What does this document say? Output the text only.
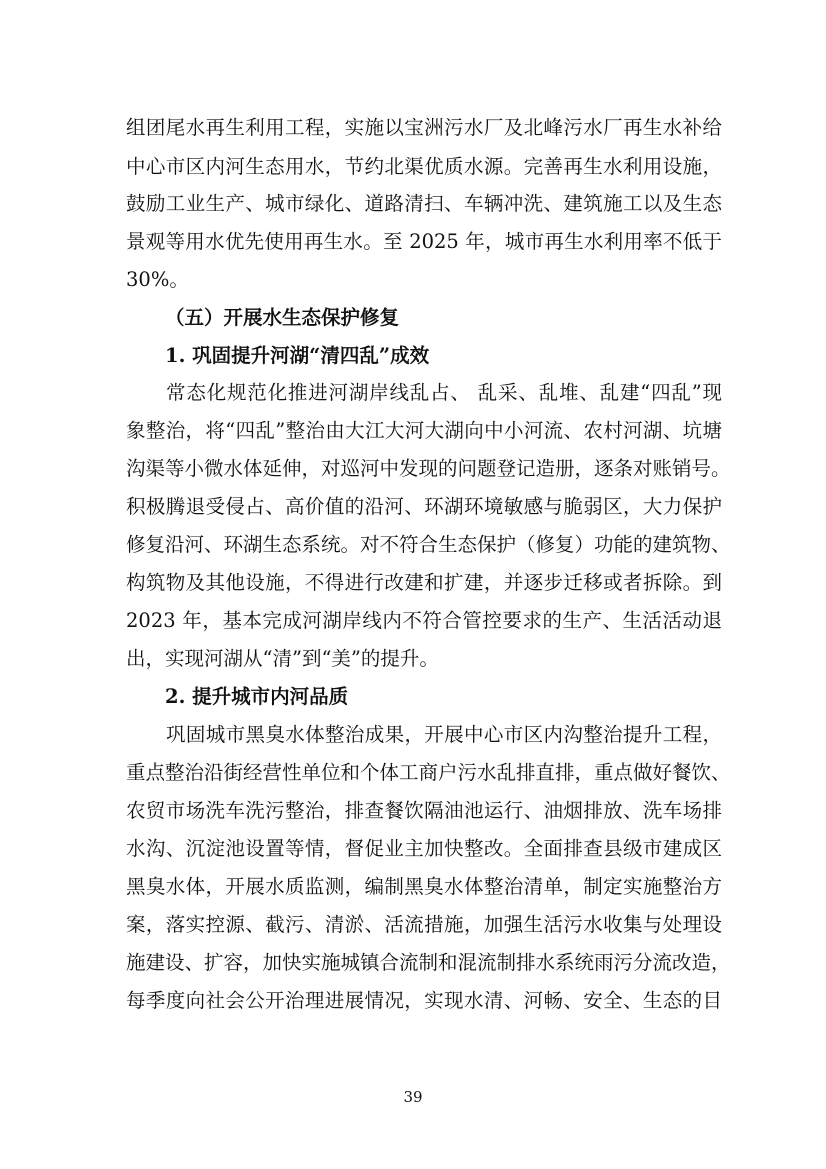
组团尾水再生利用工程，实施以宝洲污水厂及北峰污水厂再生水补给
中心市区内河生态用水，节约北渠优质水源。完善再生水利用设施，
鼓励工业生产、城市绿化、道路清扫、车辆冲洗、建筑施工以及生态
景观等用水优先使用再生水。至 2025 年，城市再生水利用率不低于
30%。
（五）开展水生态保护修复
1. 巩固提升河湖“清四乱”成效
常态化规范化推进河湖岸线乱占、 乱采、乱堆、乱建“四乱”现
象整治，将“四乱”整治由大江大河大湖向中小河流、农村河湖、坑塘
沟渠等小微水体延伸，对巡河中发现的问题登记造册，逐条对账销号。
积极腾退受侵占、高价值的沿河、环湖环境敏感与脆弱区，大力保护
修复沿河、环湖生态系统。对不符合生态保护（修复）功能的建筑物、
构筑物及其他设施，不得进行改建和扩建，并逐步迁移或者拆除。到
2023 年，基本完成河湖岸线内不符合管控要求的生产、生活活动退
出，实现河湖从“清”到“美”的提升。
2. 提升城市内河品质
巩固城市黑臭水体整治成果，开展中心市区内沟整治提升工程，
重点整治沿街经营性单位和个体工商户污水乱排直排，重点做好餐饮、
农贸市场洗车洗污整治，排查餐饮隔油池运行、油烟排放、洗车场排
水沟、沉淀池设置等情，督促业主加快整改。全面排查县级市建成区
黑臭水体，开展水质监测，编制黑臭水体整治清单，制定实施整治方
案，落实控源、截污、清淤、活流措施，加强生活污水收集与处理设
施建设、扩容，加快实施城镇合流制和混流制排水系统雨污分流改造，
每季度向社会公开治理进展情况，实现水清、河畅、安全、生态的目
39
